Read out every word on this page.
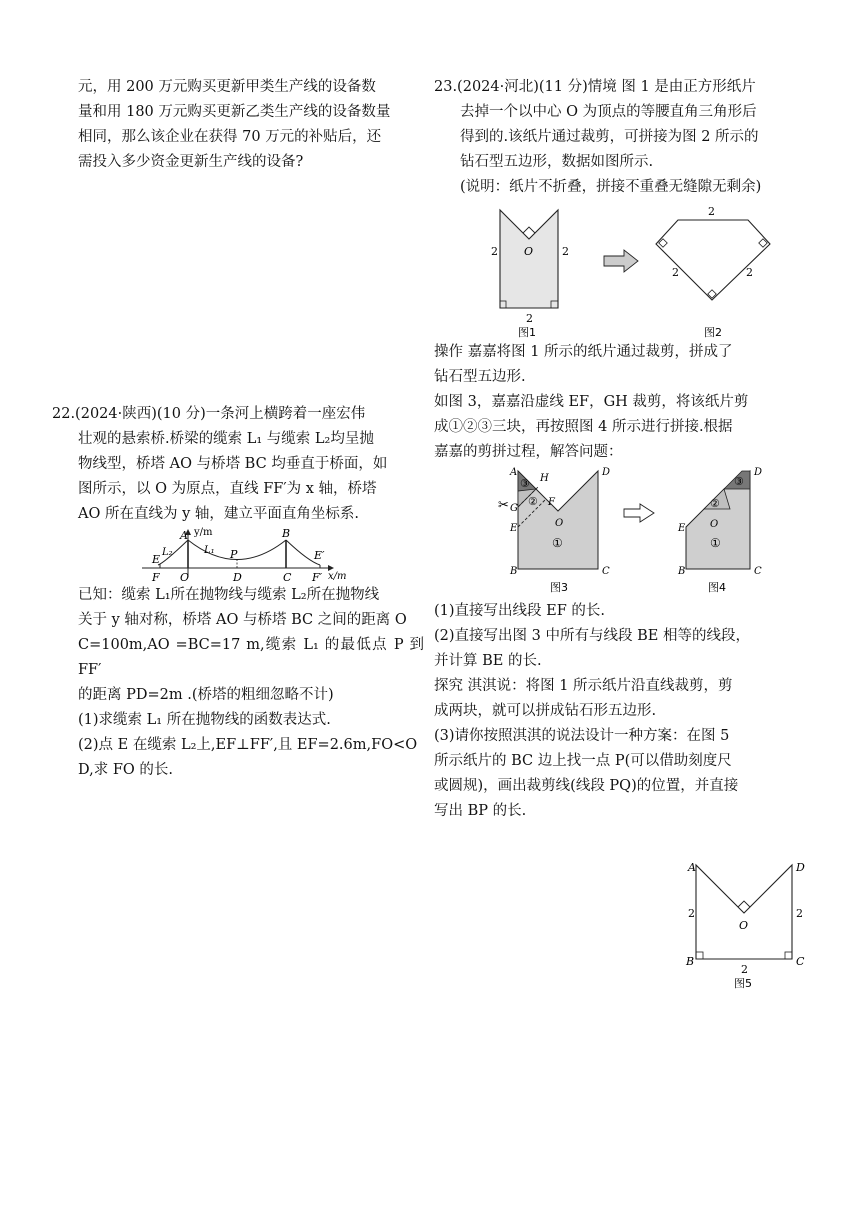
元，用 200 万元购买更新甲类生产线的设备数

量和用 180 万元购买更新乙类生产线的设备数量

相同，那么该企业在获得 70 万元的补贴后，还

需投入多少资金更新生产线的设备?

22.(2024·陕西)(10 分)一条河上横跨着一座宏伟

壮观的悬索桥.桥梁的缆索 L₁ 与缆索 L₂均呈抛

物线型，桥塔 AO 与桥塔 BC 均垂直于桥面，如

图所示，以 O 为原点，直线 FF′为 x 轴，桥塔

AO 所在直线为 y 轴，建立平面直角坐标系.

y/m
x/m
A	B
C
D
P
O
E
F
E′
F′
L₂	L₁

已知：缆索 L₁所在抛物线与缆索 L₂所在抛物线

关于 y 轴对称，桥塔 AO 与桥塔 BC 之间的距离 O

C=100m,AO =BC=17 m,缆索 L₁ 的最低点 P 到 FF′

的距离 PD=2m .(桥塔的粗细忽略不计)

(1)求缆索 L₁ 所在抛物线的函数表达式.

(2)点 E 在缆索 L₂上,EF⊥FF′,且 EF=2.6m,FO<O

D,求 FO 的长.

23.(2024·河北)(11 分)情境 图 1 是由正方形纸片

去掉一个以中心 O 为顶点的等腰直角三角形后

得到的.该纸片通过裁剪，可拼接为图 2 所示的

钻石型五边形，数据如图所示.

(说明：纸片不折叠，拼接不重叠无缝隙无剩余)

2	2
2
O
图1
2
2	2
图2

操作 嘉嘉将图 1 所示的纸片通过裁剪，拼成了

钻石型五边形.

如图 3，嘉嘉沿虚线 EF，GH 裁剪，将该纸片剪

成①②③三块，再按照图 4 所示进行拼接.根据

嘉嘉的剪拼过程，解答问题：

A
H
F
G
E
B	C
D
O
③
②
①
✂
图3
②
③
①
O
E
B	C
D
图4

(1)直接写出线段 EF 的长.

(2)直接写出图 3 中所有与线段 BE 相等的线段，

并计算 BE 的长.

探究 淇淇说：将图 1 所示纸片沿直线裁剪，剪

成两块，就可以拼成钻石形五边形.

(3)请你按照淇淇的说法设计一种方案：在图 5

所示纸片的 BC 边上找一点 P(可以借助刻度尺

或圆规)，画出裁剪线(线段 PQ)的位置，并直接

写出 BP 的长.

A	D
B	C
O
2	2
2
图5
